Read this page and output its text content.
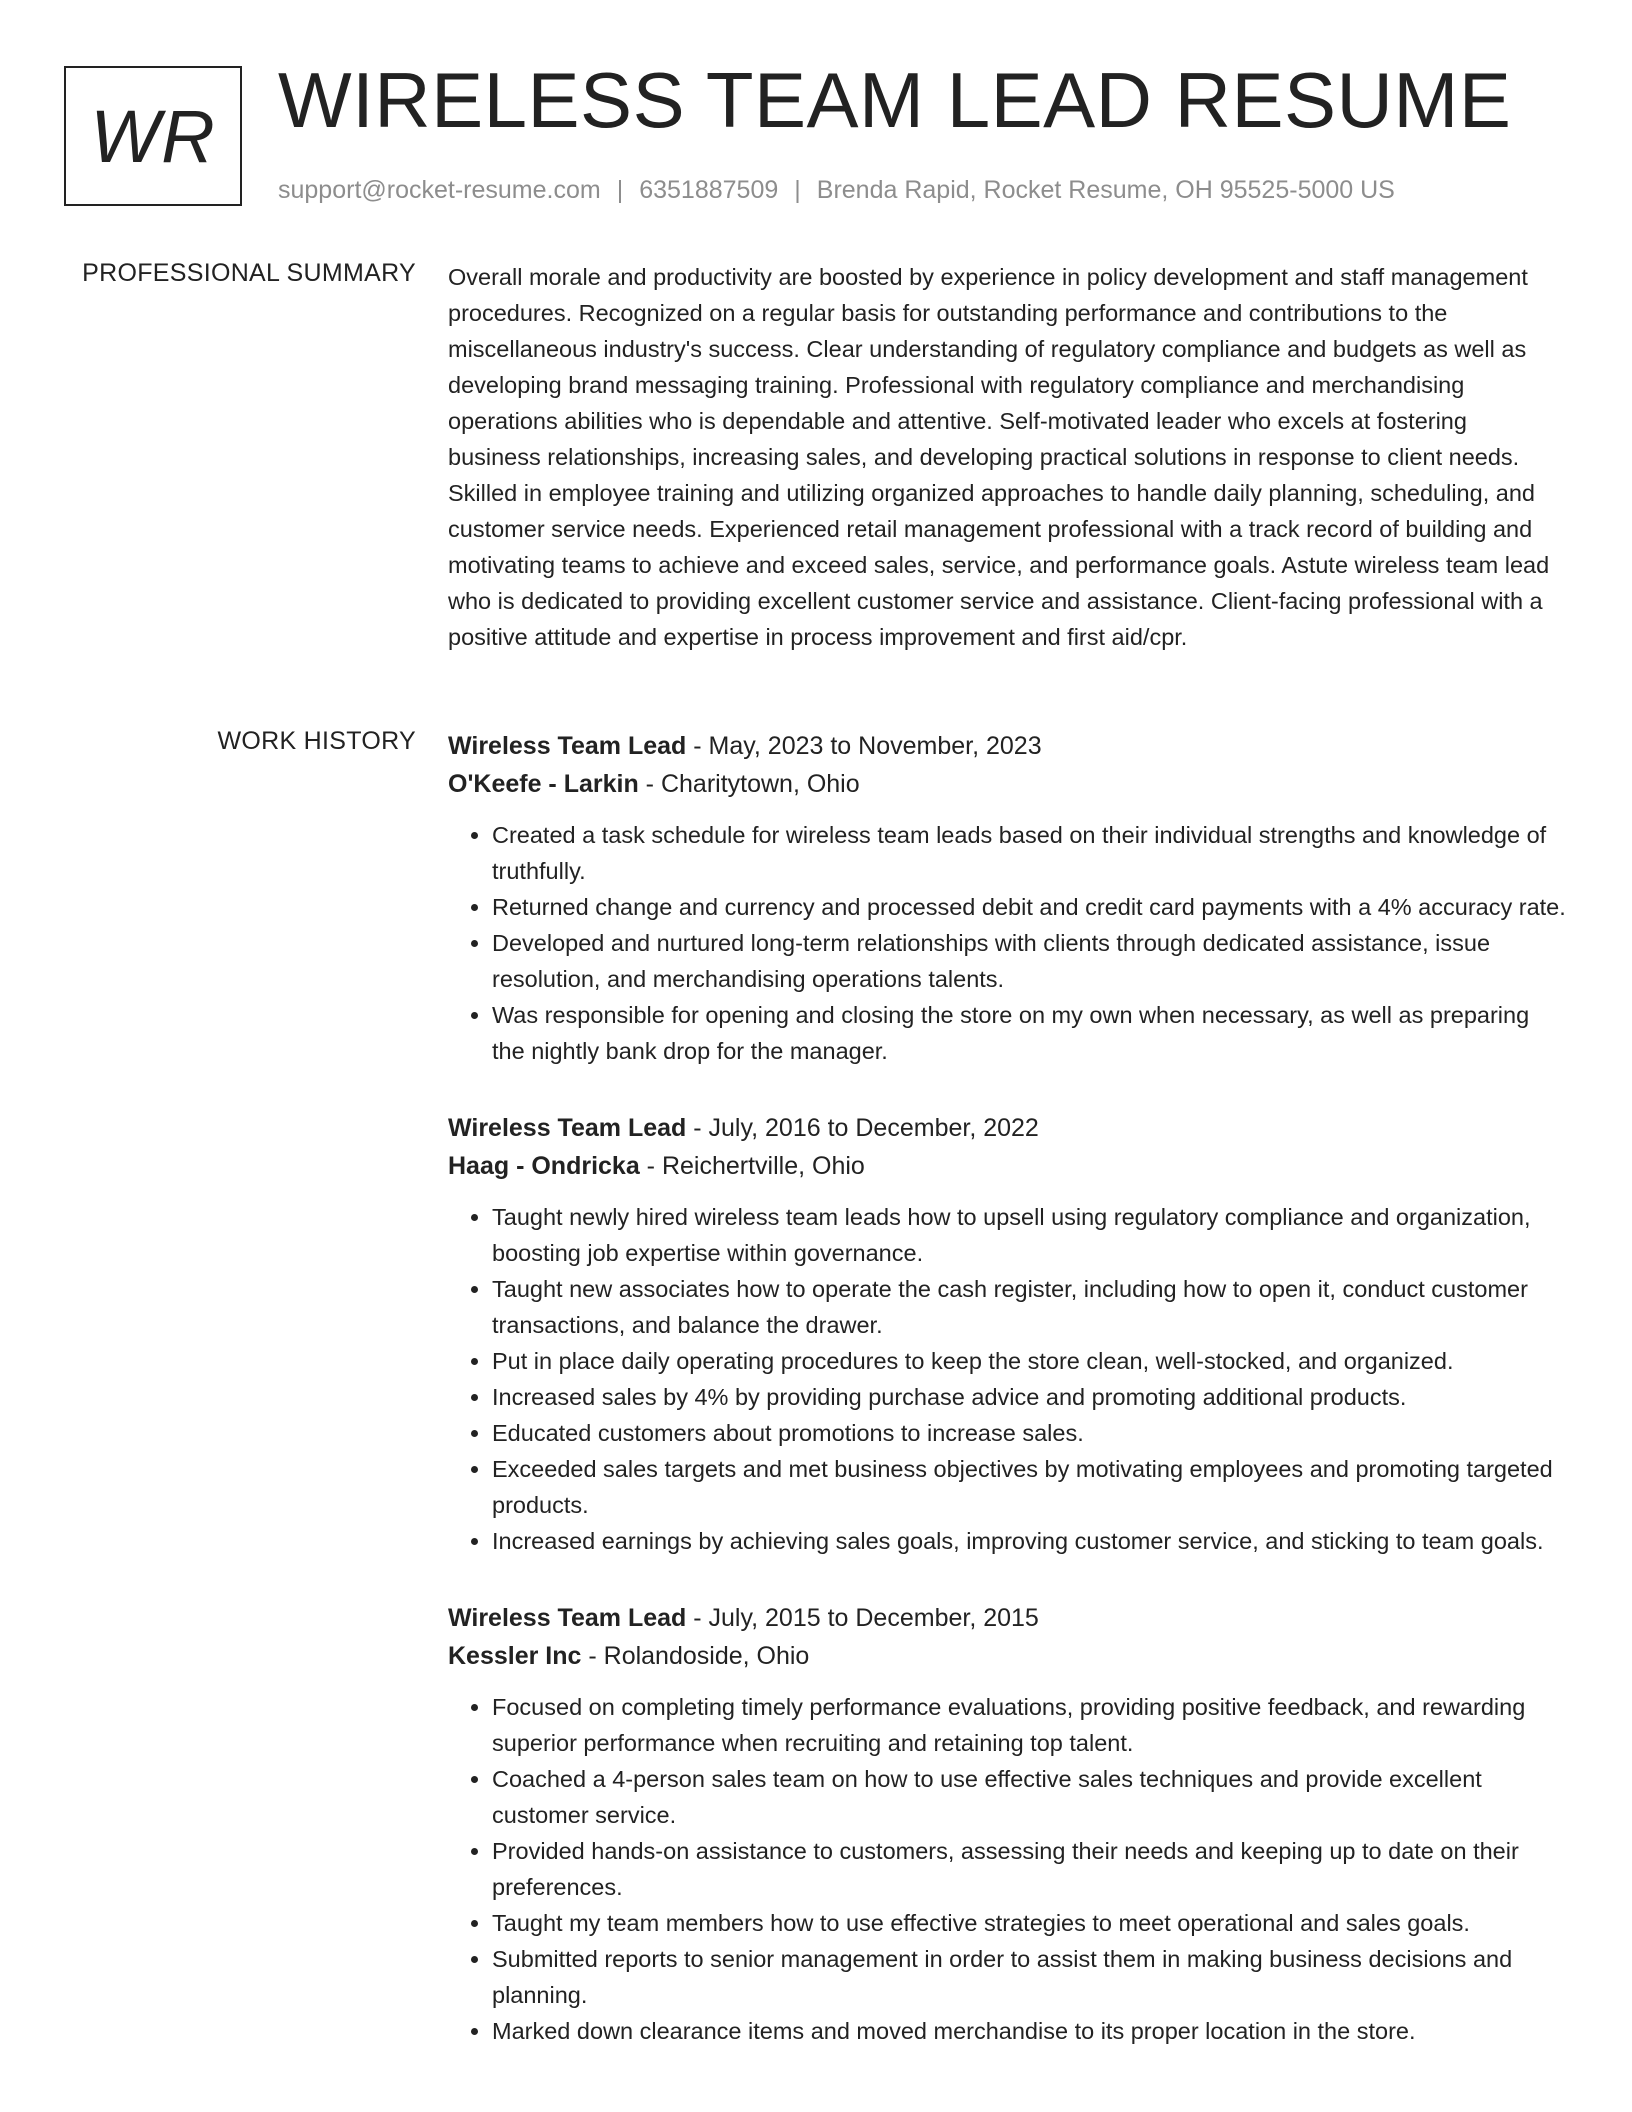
WR WIRELESS TEAM LEAD RESUME
support@rocket-resume.com | 6351887509 | Brenda Rapid, Rocket Resume, OH 95525-5000 US
PROFESSIONAL SUMMARY Overall morale and productivity are boosted by experience in policy development and staff management procedures. Recognized on a regular basis for outstanding performance and contributions to the miscellaneous industry's success. Clear understanding of regulatory compliance and budgets as well as developing brand messaging training. Professional with regulatory compliance and merchandising operations abilities who is dependable and attentive. Self-motivated leader who excels at fostering business relationships, increasing sales, and developing practical solutions in response to client needs. Skilled in employee training and utilizing organized approaches to handle daily planning, scheduling, and customer service needs. Experienced retail management professional with a track record of building and motivating teams to achieve and exceed sales, service, and performance goals. Astute wireless team lead who is dedicated to providing excellent customer service and assistance. Client-facing professional with a positive attitude and expertise in process improvement and first aid/cpr.

WORK HISTORY Wireless Team Lead - May, 2023 to November, 2023
O'Keefe - Larkin - Charitytown, Ohio
• Created a task schedule for wireless team leads based on their individual strengths and knowledge of truthfully.
• Returned change and currency and processed debit and credit card payments with a 4% accuracy rate.
• Developed and nurtured long-term relationships with clients through dedicated assistance, issue resolution, and merchandising operations talents.
• Was responsible for opening and closing the store on my own when necessary, as well as preparing the nightly bank drop for the manager.
Wireless Team Lead - July, 2016 to December, 2022
Haag - Ondricka - Reichertville, Ohio
• Taught newly hired wireless team leads how to upsell using regulatory compliance and organization, boosting job expertise within governance.
• Taught new associates how to operate the cash register, including how to open it, conduct customer transactions, and balance the drawer.
• Put in place daily operating procedures to keep the store clean, well-stocked, and organized.
• Increased sales by 4% by providing purchase advice and promoting additional products.
• Educated customers about promotions to increase sales.
• Exceeded sales targets and met business objectives by motivating employees and promoting targeted products.
• Increased earnings by achieving sales goals, improving customer service, and sticking to team goals.
Wireless Team Lead - July, 2015 to December, 2015
Kessler Inc - Rolandoside, Ohio
• Focused on completing timely performance evaluations, providing positive feedback, and rewarding superior performance when recruiting and retaining top talent.
• Coached a 4-person sales team on how to use effective sales techniques and provide excellent customer service.
• Provided hands-on assistance to customers, assessing their needs and keeping up to date on their preferences.
• Taught my team members how to use effective strategies to meet operational and sales goals.
• Submitted reports to senior management in order to assist them in making business decisions and planning.
• Marked down clearance items and moved merchandise to its proper location in the store.
